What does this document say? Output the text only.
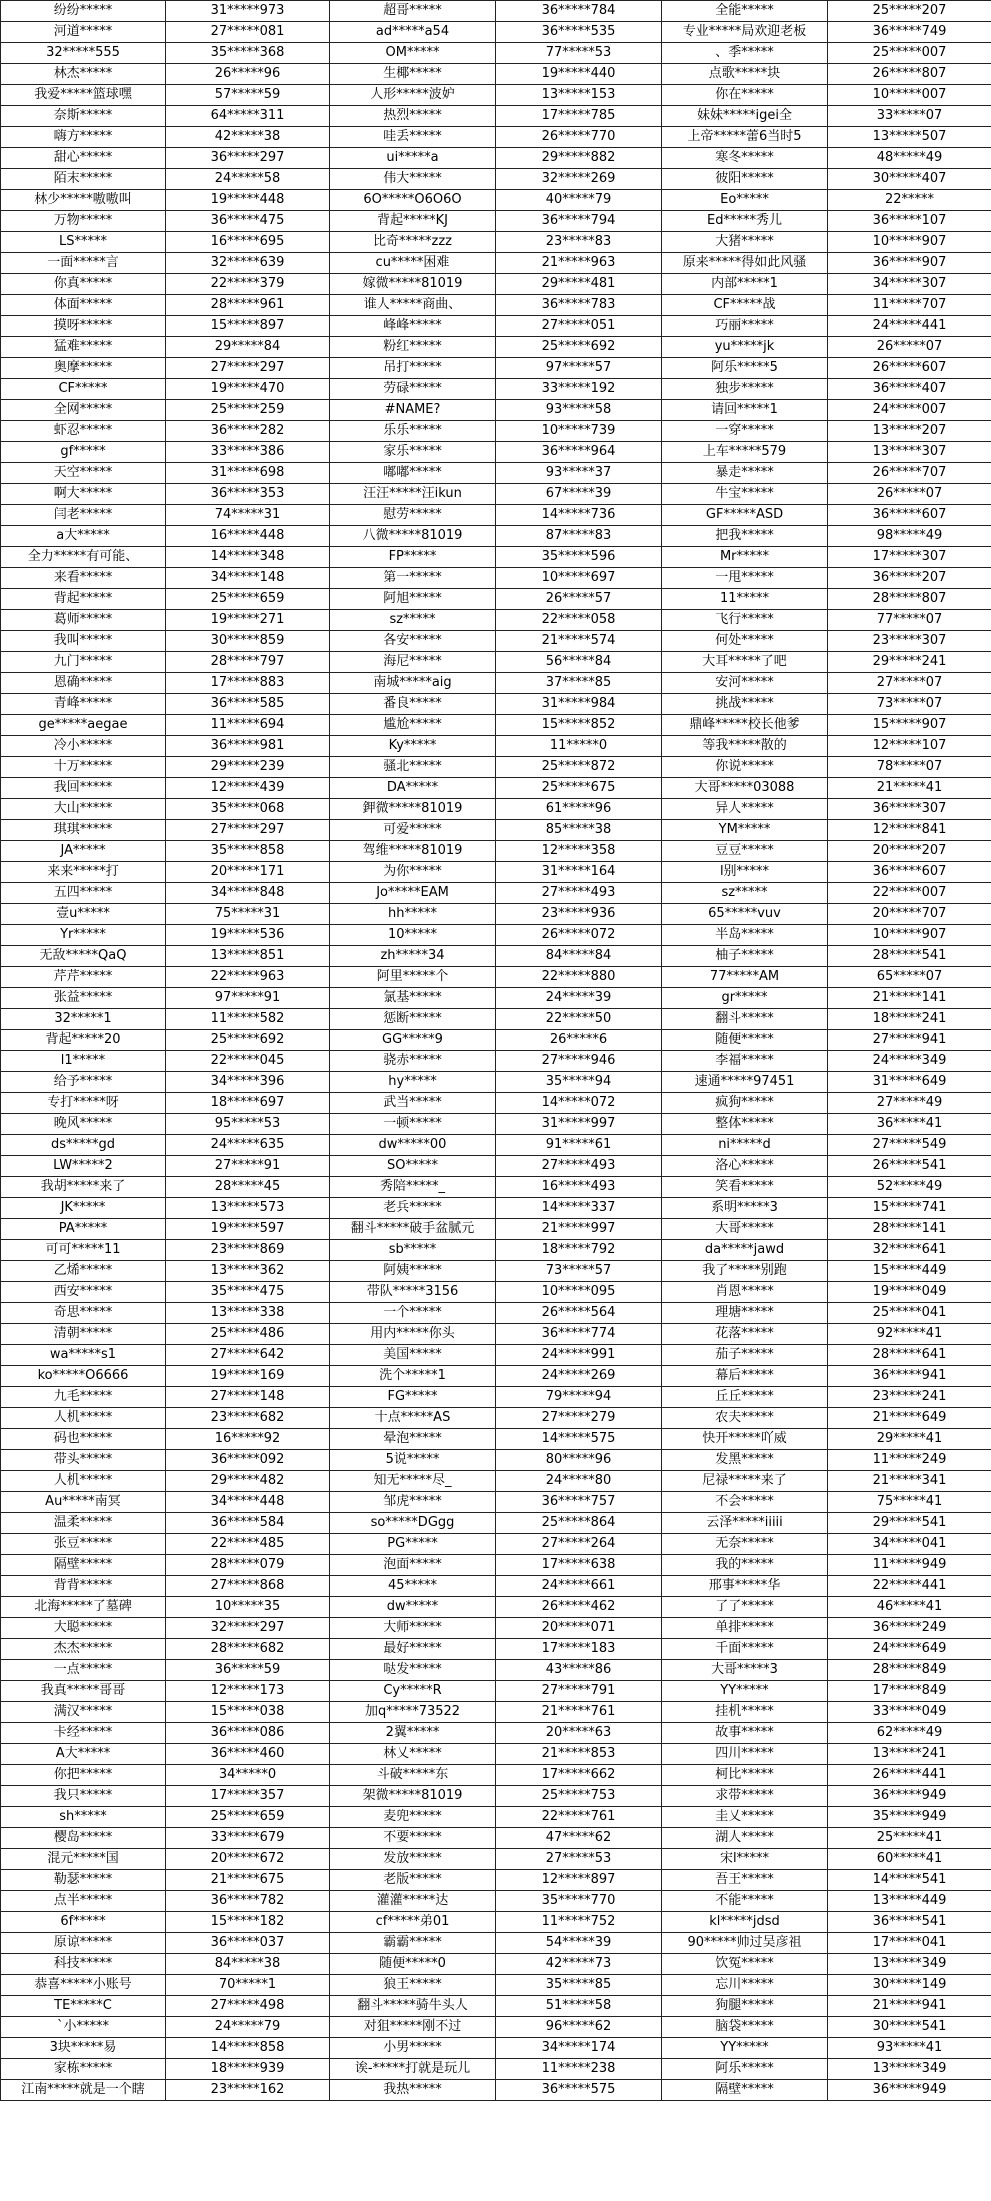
纷纷*****	31*****973	超哥*****	36*****784	全能*****	25*****207
河道*****	27*****081	ad*****a54	36*****535	专业*****局欢迎老板	36*****749
32*****555	35*****368	OM*****	77*****53	、季*****	25*****007
林杰*****	26*****96	生椰*****	19*****440	点歌*****块	26*****807
我爱*****篮球嘿	57*****59	人形*****波妒	13*****153	你在*****	10*****007
奈斯*****	64*****311	热烈*****	17*****785	妹妹*****igei全	33*****07
嗨方*****	42*****38	哇丢*****	26*****770	上帝*****蕾6当时5	13*****507
甜心*****	36*****297	ui*****a	29*****882	寒冬*****	48*****49
陌末*****	24*****58	伟大*****	32*****269	彼阳*****	30*****407
林少*****嗷嗷叫	19*****448	6O*****O6O6O	40*****79	Eo*****	22*****
万物*****	36*****475	背起*****KJ	36*****794	Ed*****秀儿	36*****107
LS*****	16*****695	比奇*****zzz	23*****83	大猪*****	10*****907
一面*****言	32*****639	cu*****困难	21*****963	原来*****得如此风骚	36*****907
你真*****	22*****379	嫁微*****81019	29*****481	内部*****1	34*****307
体面*****	28*****961	谁人*****商曲、	36*****783	CF*****战	11*****707
摸呀*****	15*****897	峰峰*****	27*****051	巧丽*****	24*****441
猛难*****	29*****84	粉红*****	25*****692	yu*****jk	26*****07
奥摩*****	27*****297	吊打*****	97*****57	阿乐*****5	26*****607
CF*****	19*****470	劳碌*****	33*****192	独步*****	36*****407
全网*****	25*****259	#NAME?	93*****58	请回*****1	24*****007
虾忍*****	36*****282	乐乐*****	10*****739	一穿*****	13*****207
gf*****	33*****386	家乐*****	36*****964	上车*****579	13*****307
天空*****	31*****698	嘟嘟*****	93*****37	暴走*****	26*****707
啊大*****	36*****353	汪汪*****汪ikun	67*****39	牛宝*****	26*****07
闫老*****	74*****31	慰劳*****	14*****736	GF*****ASD	36*****607
a大*****	16*****448	八微*****81019	87*****83	把我*****	98*****49
全力*****有可能、	14*****348	FP*****	35*****596	Mr*****	17*****307
来看*****	34*****148	第一*****	10*****697	一甩*****	36*****207
背起*****	25*****659	阿旭*****	26*****57	11*****	28*****807
葛师*****	19*****271	sz*****	22*****058	飞行*****	77*****07
我叫*****	30*****859	各安*****	21*****574	何处*****	23*****307
九门*****	28*****797	海尼*****	56*****84	大耳*****了吧	29*****241
恩确*****	17*****883	南城*****aig	37*****85	安河*****	27*****07
青峰*****	36*****585	番良*****	31*****984	挑战*****	73*****07
ge*****aegae	11*****694	尴尬*****	15*****852	鼎峰*****校长他爹	15*****907
冷小*****	36*****981	Ky*****	11*****0	等我*****散的	12*****107
十万*****	29*****239	骚北*****	25*****872	你说*****	78*****07
我回*****	12*****439	DA*****	25*****675	大哥*****03088	21*****41
大山*****	35*****068	鉀微*****81019	61*****96	异人*****	36*****307
琪琪*****	27*****297	可爱*****	85*****38	YM*****	12*****841
JA*****	35*****858	驾维*****81019	12*****358	豆豆*****	20*****207
来来*****打	20*****171	为你*****	31*****164	l别*****	36*****607
五四*****	34*****848	Jo*****EAM	27*****493	sz*****	22*****007
壹u*****	75*****31	hh*****	23*****936	65*****vuv	20*****707
Yr*****	19*****536	10*****	26*****072	半岛*****	10*****907
无敌*****QaQ	13*****851	zh*****34	84*****84	柚子*****	28*****541
芹芹*****	22*****963	阿里*****个	22*****880	77*****AM	65*****07
张益*****	97*****91	氯基*****	24*****39	gr*****	21*****141
32*****1	11*****582	惩断*****	22*****50	翻斗*****	18*****241
背起*****20	25*****692	GG*****9	26*****6	随便*****	27*****941
l1*****	22*****045	骁赤*****	27*****946	李福*****	24*****349
给予*****	34*****396	hy*****	35*****94	速通*****97451	31*****649
专打*****呀	18*****697	武当*****	14*****072	疯狗*****	27*****49
晚风*****	95*****53	一顿*****	31*****997	整体*****	36*****41
ds*****gd	24*****635	dw*****00	91*****61	ni*****d	27*****549
LW*****2	27*****91	SO*****	27*****493	洛心*****	26*****541
我胡*****来了	28*****45	秀陪*****_	16*****493	笑看*****	52*****49
JK*****	13*****573	老兵*****	14*****337	系明*****3	15*****741
PA*****	19*****597	翻斗*****破手盆腻元	21*****997	大哥*****	28*****141
可可*****11	23*****869	sb*****	18*****792	da*****jawd	32*****641
乙烯*****	13*****362	阿姨*****	73*****57	我了*****别跑	15*****449
西安*****	35*****475	带队*****3156	10*****095	肖恩*****	19*****049
奇思*****	13*****338	一个*****	26*****564	理塘*****	25*****041
清朝*****	25*****486	用内*****你头	36*****774	花落*****	92*****41
wa*****s1	27*****642	美国*****	24*****991	茄子*****	28*****641
ko*****O6666	19*****169	洗个*****1	24*****269	幕后*****	36*****941
九毛*****	27*****148	FG*****	79*****94	丘丘*****	23*****241
人机*****	23*****682	十点*****AS	27*****279	农夫*****	21*****649
码也*****	16*****92	晕泡*****	14*****575	快开*****吖威	29*****41
带头*****	36*****092	5说*****	80*****96	发黑*****	11*****249
人机*****	29*****482	知无*****尽_	24*****80	尼禄*****来了	21*****341
Au*****南冥	34*****448	邹虎*****	36*****757	不会*****	75*****41
温柔*****	36*****584	so*****DGgg	25*****864	云泽*****iiiii	29*****541
张豆*****	22*****485	PG*****	27*****264	无奈*****	34*****041
隔壁*****	28*****079	泡面*****	17*****638	我的*****	11*****949
背背*****	27*****868	45*****	24*****661	邢事*****华	22*****441
北海*****了墓碑	10*****35	dw*****	26*****462	了了*****	46*****41
大聪*****	32*****297	大师*****	20*****071	单排*****	36*****249
杰杰*****	28*****682	最好*****	17*****183	千面*****	24*****649
一点*****	36*****59	哒发*****	43*****86	大哥*****3	28*****849
我真*****哥哥	12*****173	Cy*****R	27*****791	YY*****	17*****849
满汉*****	15*****038	加q*****73522	21*****761	挂机*****	33*****049
卡经*****	36*****086	2翼*****	20*****63	故事*****	62*****49
A大*****	36*****460	林乂*****	21*****853	四川*****	13*****241
你把*****	34*****0	斗破*****东	17*****662	柯比*****	26*****441
我只*****	17*****357	架微*****81019	25*****753	求带*****	36*****949
sh*****	25*****659	麦兜*****	22*****761	圭乂*****	35*****949
樱岛*****	33*****679	不要*****	47*****62	湖人*****	25*****41
混元*****国	20*****672	发放*****	27*****53	宋l*****	60*****41
勒瑟*****	21*****675	老版*****	12*****897	吾王*****	14*****541
点半*****	36*****782	灌灌*****达	35*****770	不能*****	13*****449
6f*****	15*****182	cf*****弟01	11*****752	kl*****jdsd	36*****541
原谅*****	36*****037	霸霸*****	54*****39	90*****帅过吴彦祖	17*****041
科技*****	84*****38	随便*****0	42*****73	饮冤*****	13*****349
恭喜*****小账号	70*****1	狼王*****	35*****85	忘川*****	30*****149
TE*****C	27*****498	翻斗*****骑牛头人	51*****58	狗腿*****	21*****941
`小*****	24*****79	对狙*****刚不过	96*****62	脑袋*****	30*****541
3块*****易	14*****858	小男*****	34*****174	YY*****	93*****41
家栋*****	18*****939	诶-*****打就是玩儿	11*****238	阿乐*****	13*****349
江南*****就是一个瞎	23*****162	我热*****	36*****575	隔壁*****	36*****949
